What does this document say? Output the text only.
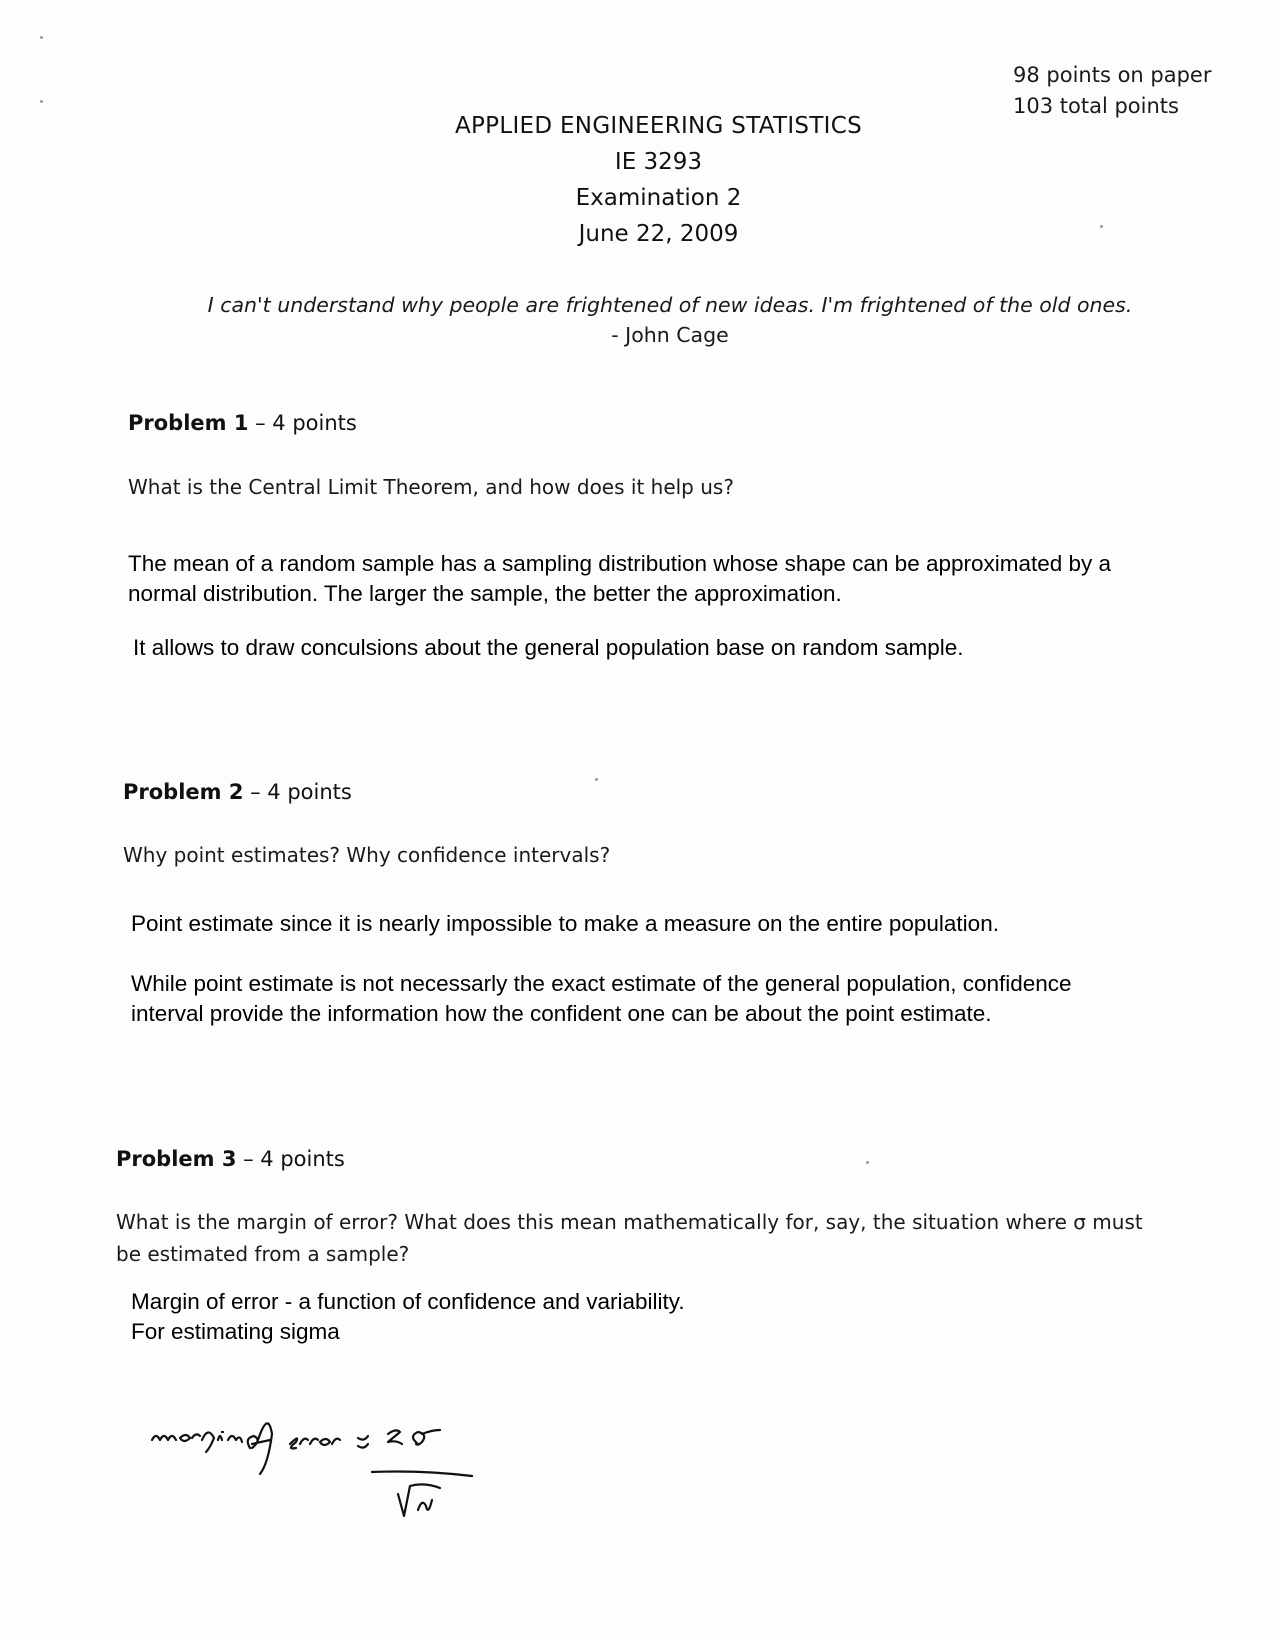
98 points on paper
103 total points
APPLIED ENGINEERING STATISTICS
IE 3293
Examination 2
June 22, 2009
I can't understand why people are frightened of new ideas. I'm frightened of the old ones.
- John Cage
Problem 1 – 4 points
What is the Central Limit Theorem, and how does it help us?
The mean of a random sample has a sampling distribution whose shape can be approximated by a
normal distribution. The larger the sample, the better the approximation.
It allows to draw conculsions about the general population base on random sample.
Problem 2 – 4 points
Why point estimates? Why confidence intervals?
Point estimate since it is nearly impossible to make a measure on the entire population.
While point estimate is not necessarly the exact estimate of the general population, confidence
interval provide the information how the confident one can be about the point estimate.
Problem 3 – 4 points
What is the margin of error? What does this mean mathematically for, say, the situation where σ must
be estimated from a sample?
Margin of error - a function of confidence and variability.
For estimating sigma
